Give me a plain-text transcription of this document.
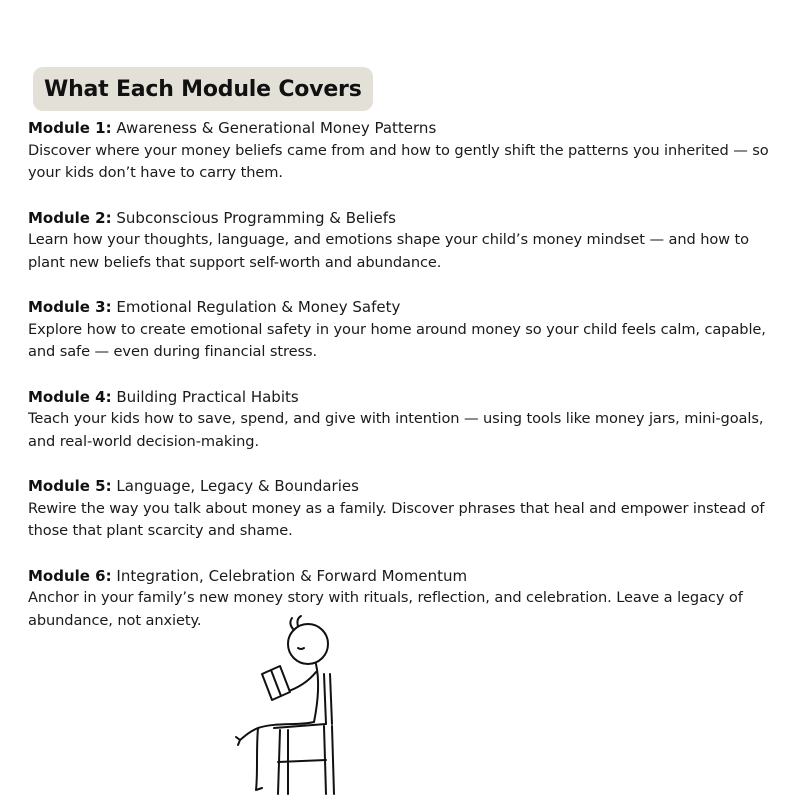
What Each Module Covers
Module 1: Awareness & Generational Money Patterns
Discover where your money beliefs came from and how to gently shift the patterns you inherited — so your kids don’t have to carry them.
Module 2: Subconscious Programming & Beliefs
Learn how your thoughts, language, and emotions shape your child’s money mindset — and how to plant new beliefs that support self-worth and abundance.
Module 3: Emotional Regulation & Money Safety
Explore how to create emotional safety in your home around money so your child feels calm, capable, and safe — even during financial stress.
Module 4: Building Practical Habits
Teach your kids how to save, spend, and give with intention — using tools like money jars, mini-goals, and real-world decision-making.
Module 5: Language, Legacy & Boundaries
Rewire the way you talk about money as a family. Discover phrases that heal and empower instead of those that plant scarcity and shame.
Module 6: Integration, Celebration & Forward Momentum
Anchor in your family’s new money story with rituals, reflection, and celebration. Leave a legacy of abundance, not anxiety.
